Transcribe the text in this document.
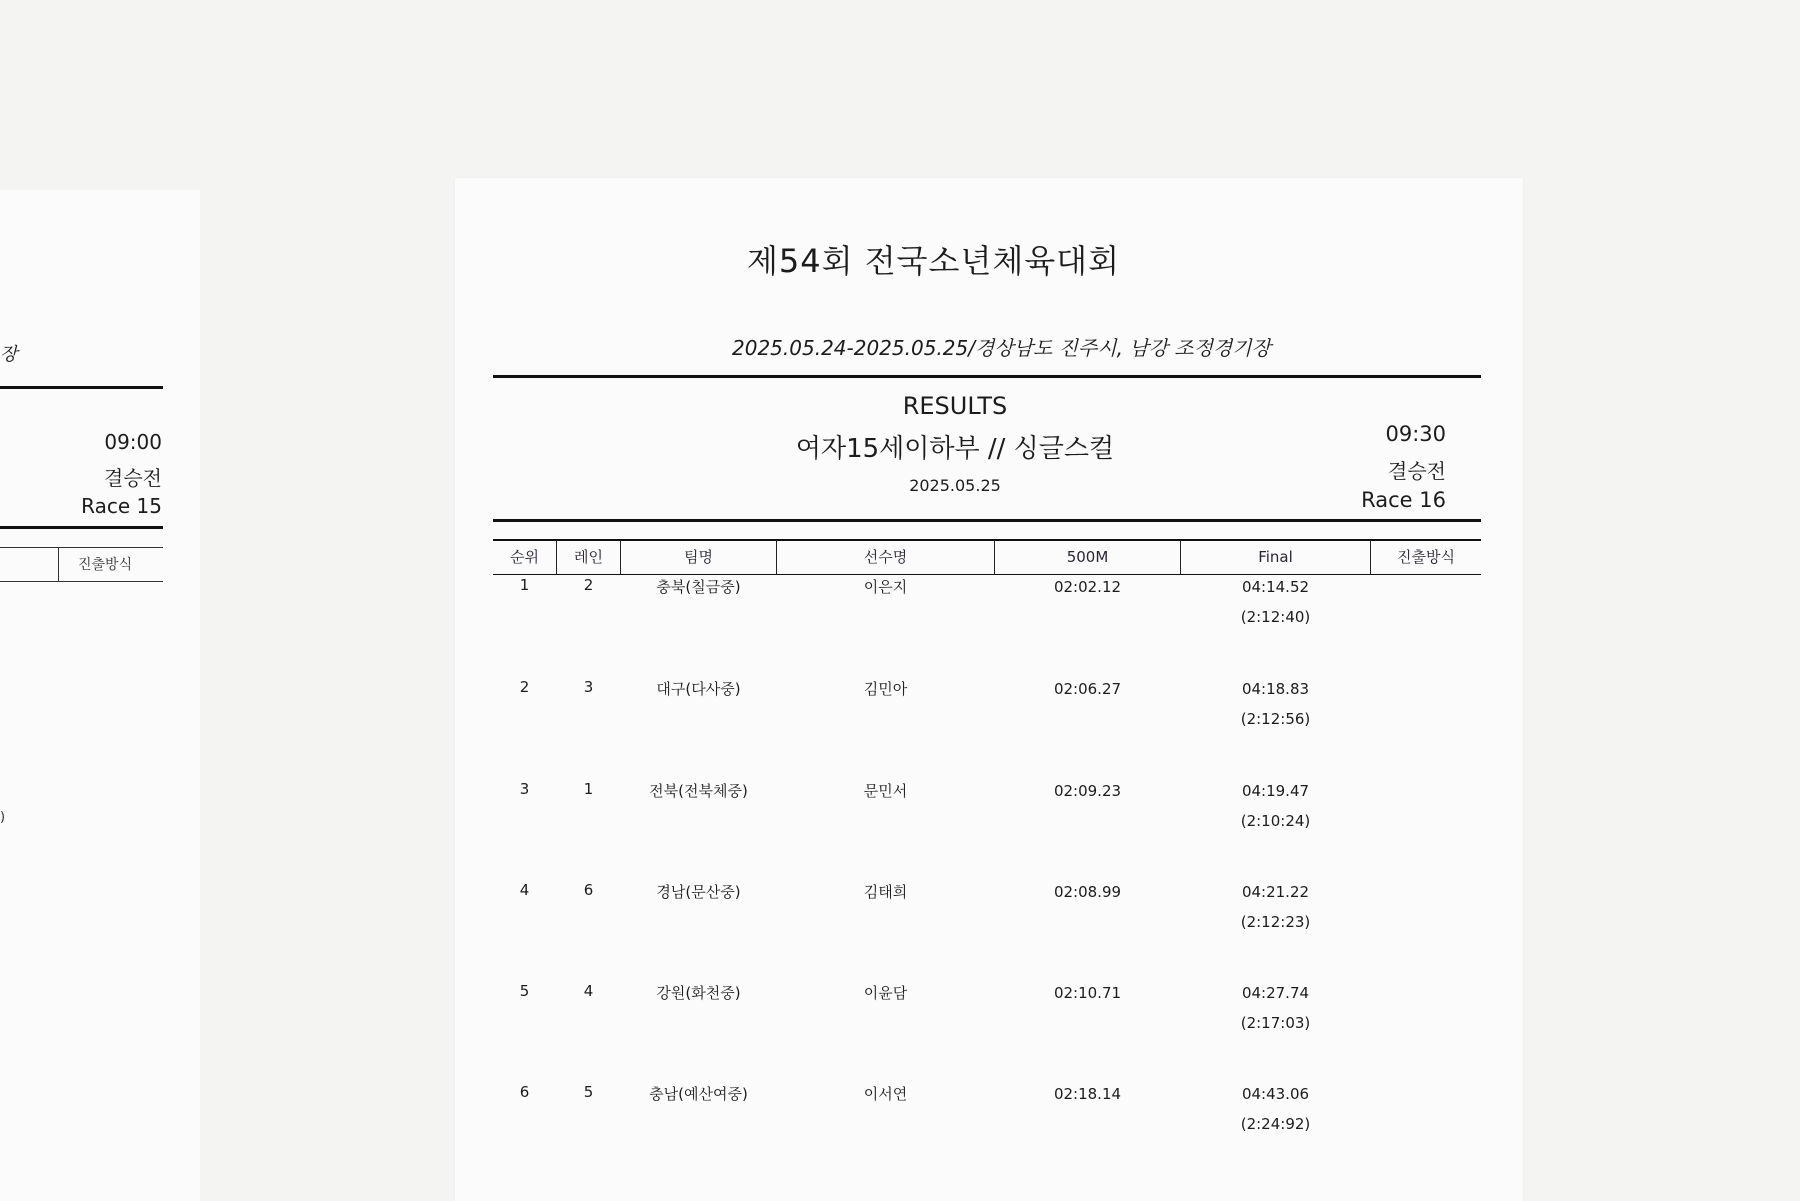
장
09:00
결승전
Race 15
진출방식
)
제54회 전국소년체육대회
2025.05.24-2025.05.25/경상남도 진주시, 남강 조정경기장
RESULTS
여자15세이하부 // 싱글스컬
2025.05.25
09:30
결승전
Race 16
순위	레인	팀명	선수명	500M	Final	진출방식
1	2	충북(칠금중)	이은지	02:02.12	04:14.52
(2:12:40)
2	3	대구(다사중)	김민아	02:06.27	04:18.83
(2:12:56)
3	1	전북(전북체중)	문민서	02:09.23	04:19.47
(2:10:24)
4	6	경남(문산중)	김태희	02:08.99	04:21.22
(2:12:23)
5	4	강원(화천중)	이윤담	02:10.71	04:27.74
(2:17:03)
6	5	충남(예산여중)	이서연	02:18.14	04:43.06
(2:24:92)
